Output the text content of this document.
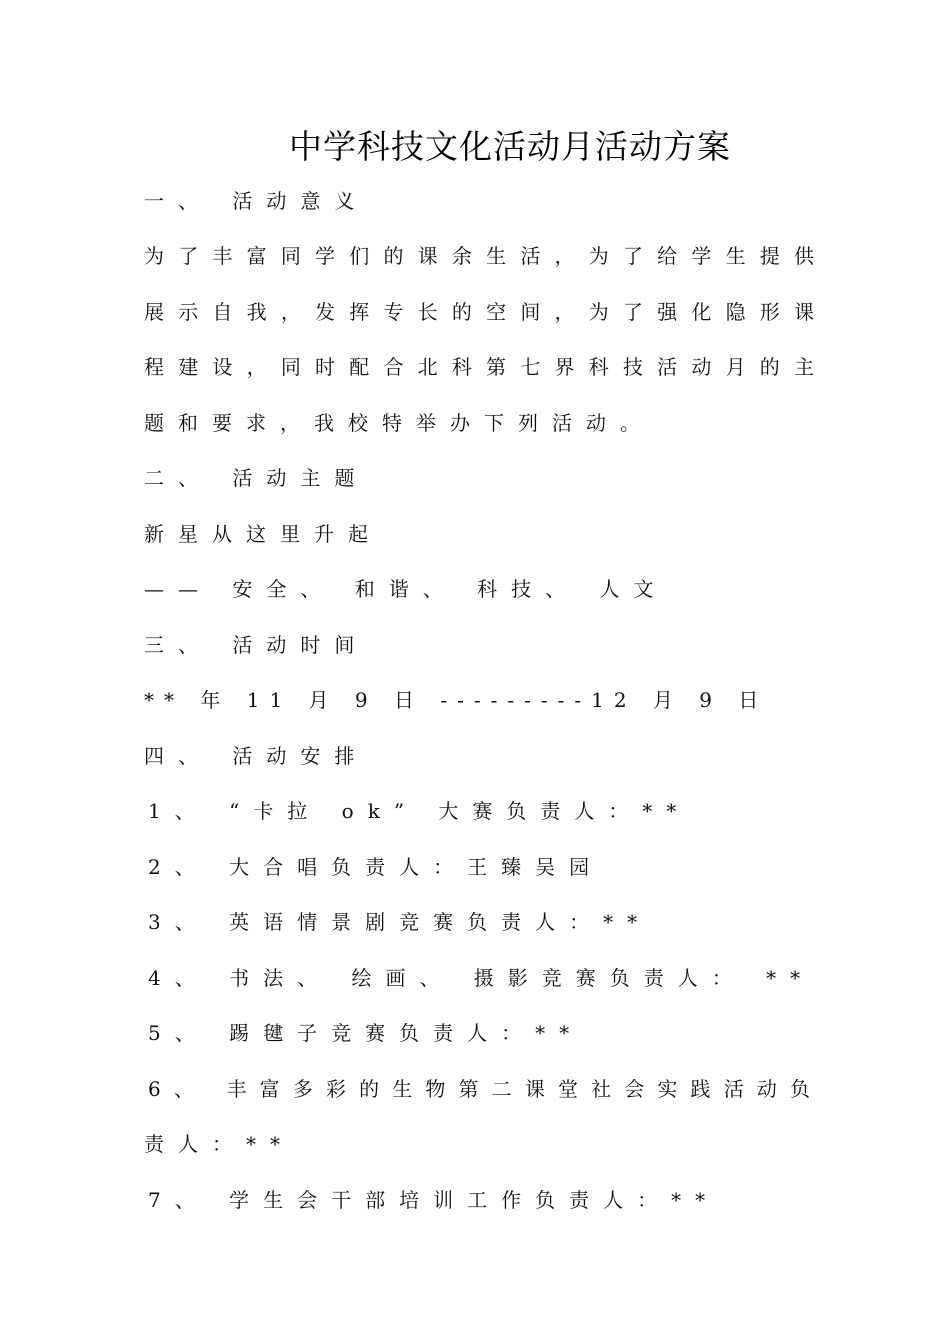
中学科技文化活动月活动方案
一、 活动意义
为了丰富同学们的课余生活，为了给学生提供
展示自我，发挥专长的空间，为了强化隐形课
程建设，同时配合北科第七界科技活动月的主
题和要求，我校特举办下列活动。
二、 活动主题
新星从这里升起
—— 安全、 和谐、 科技、 人文
三、 活动时间
** 年 11 月 9 日 ---------12 月 9 日
四、 活动安排
1、 “卡拉 ok” 大赛负责人：**
2、 大合唱负责人：王臻吴园
3、 英语情景剧竞赛负责人：**
4、 书法、 绘画、 摄影竞赛负责人： **
5、 踢毽子竞赛负责人：**
6、 丰富多彩的生物第二课堂社会实践活动负
责人：**
7、 学生会干部培训工作负责人：**
